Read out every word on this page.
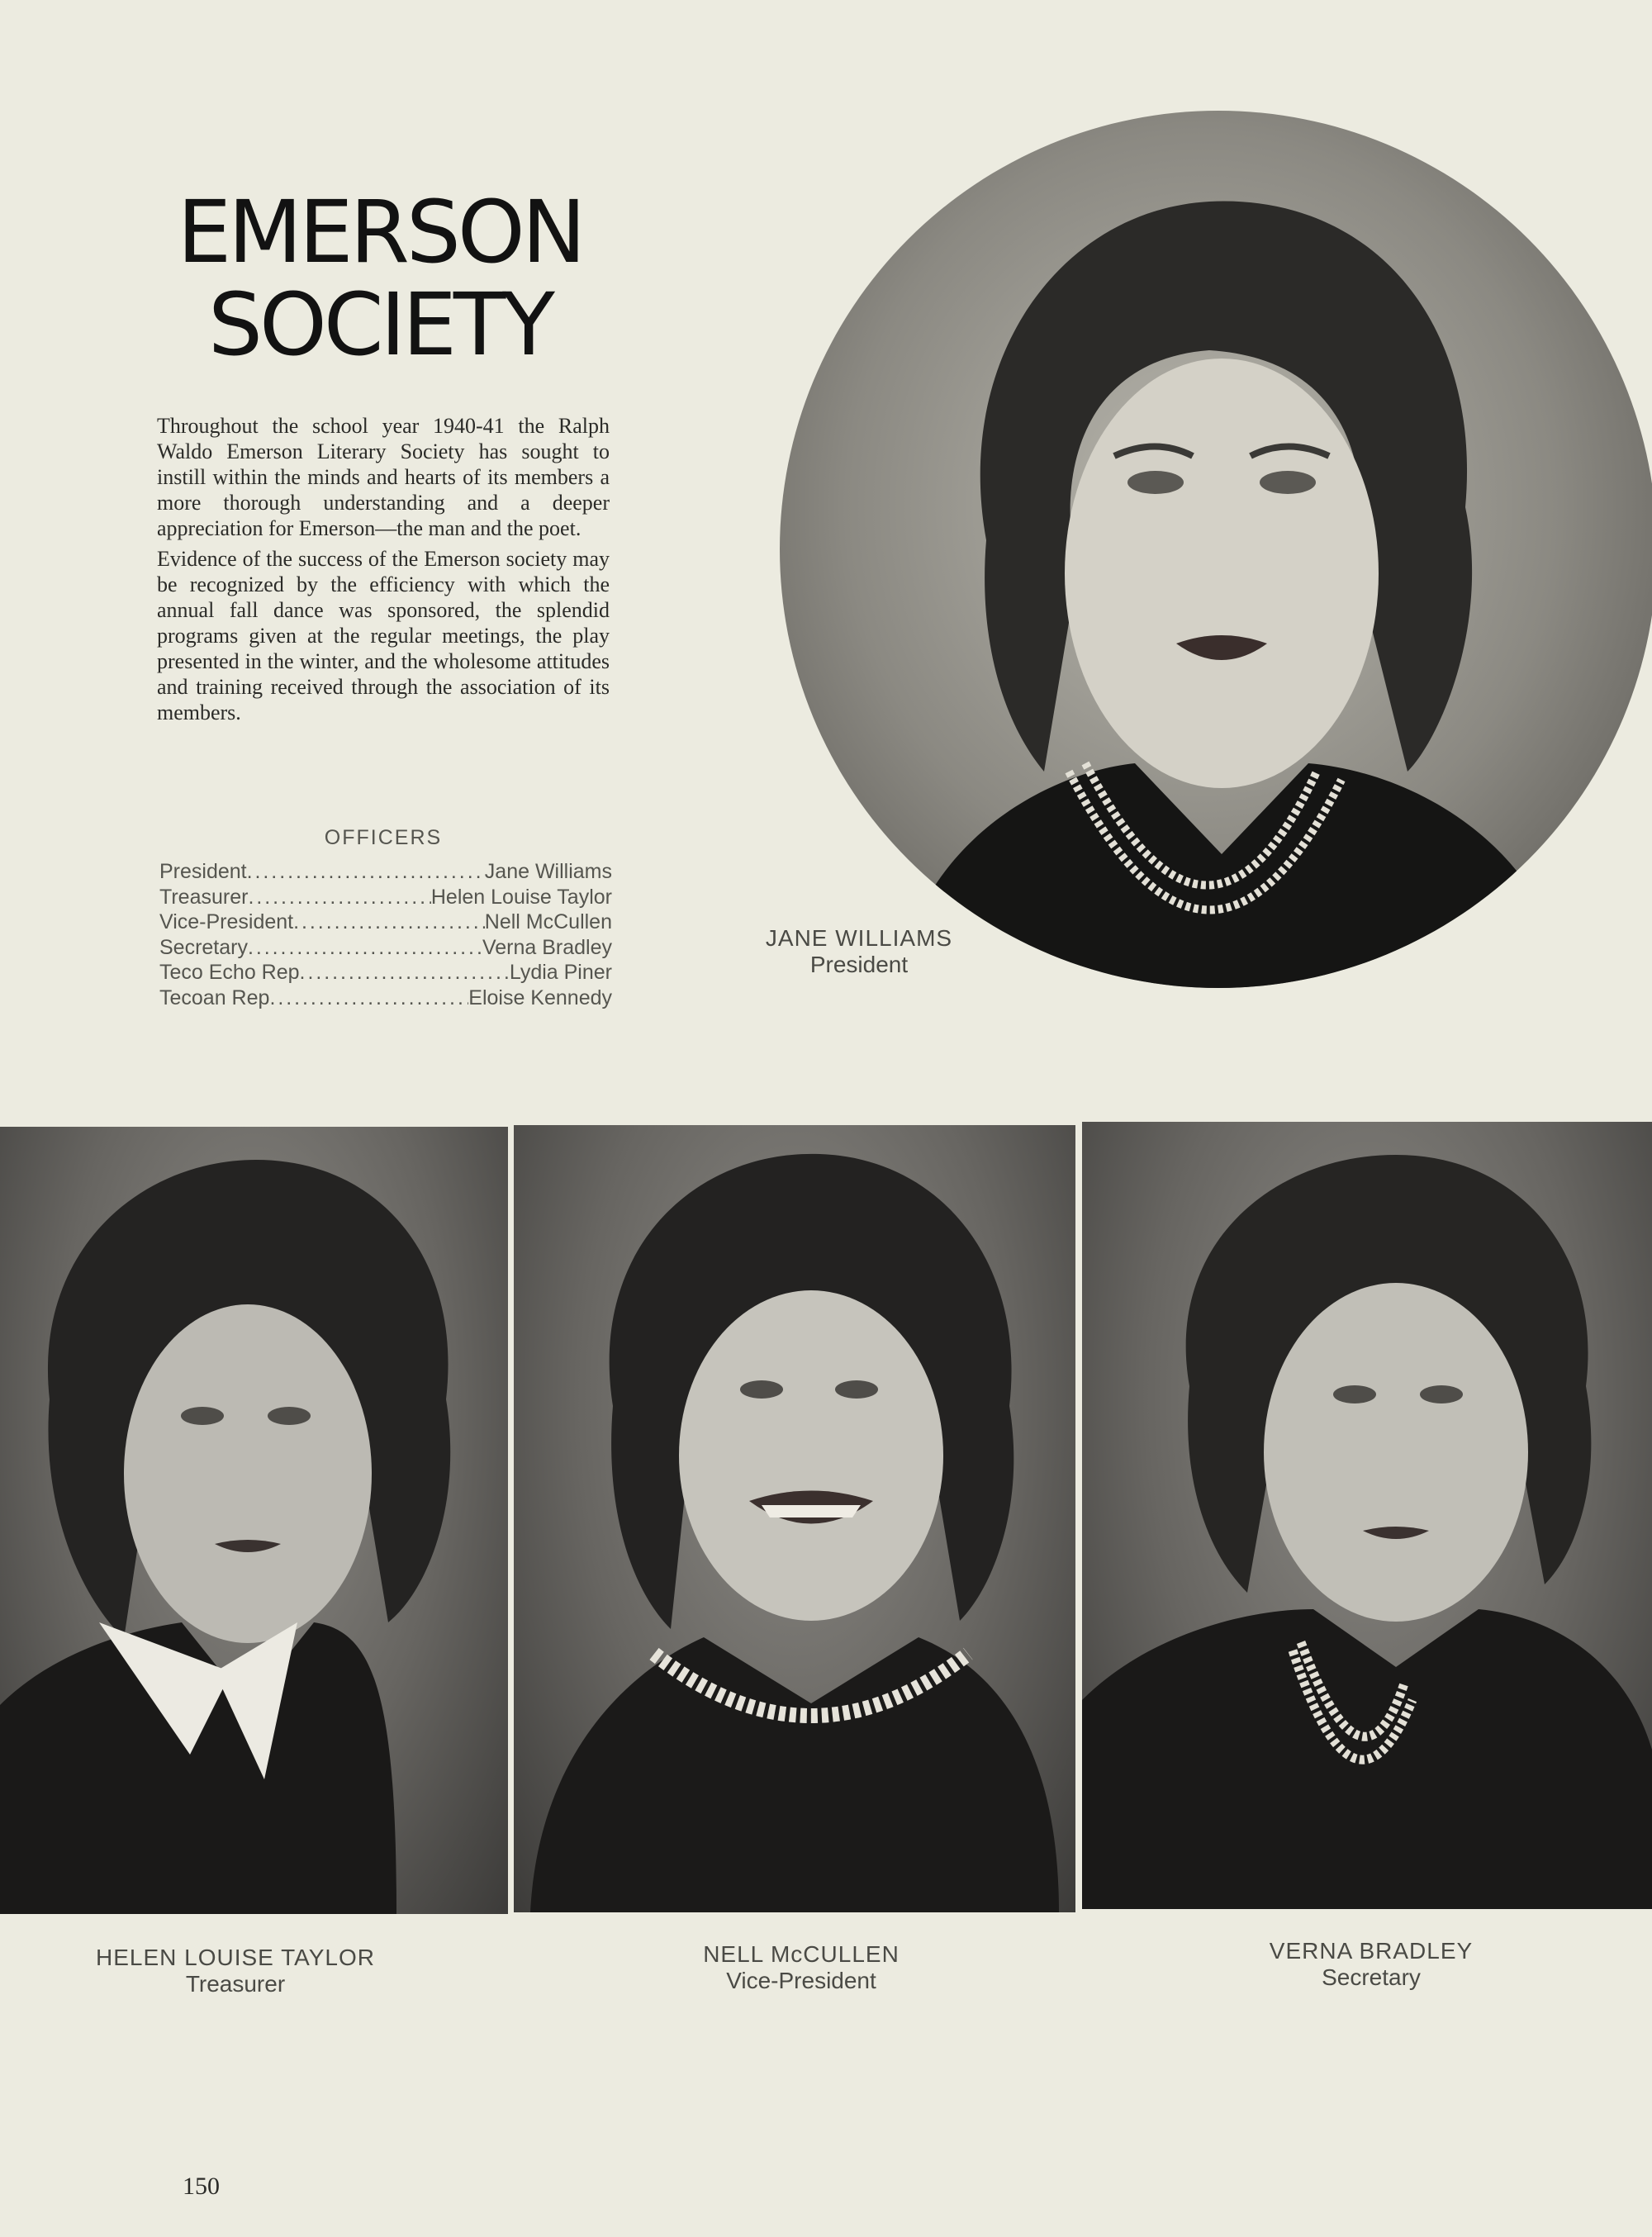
EMERSON
SOCIETY

Throughout the school year 1940-41 the Ralph Waldo Emerson Literary Society has sought to instill within the minds and hearts of its members a more thorough understanding and a deeper appreciation for Emerson—the man and the poet.

Evidence of the success of the Emerson society may be recognized by the efficiency with which the annual fall dance was sponsored, the splendid programs given at the regular meetings, the play presented in the winter, and the wholesome attitudes and training received through the association of its members.

OFFICERS
President . . .	Jane Williams
Treasurer . . .	Helen Louise Taylor
Vice-President . . .	Nell McCullen
Secretary . . .	Verna Bradley
Teco Echo Rep . . .	Lydia Piner
Tecoan Rep . . .	Eloise Kennedy
JANE WILLIAMS
President
HELEN LOUISE TAYLOR
Treasurer
NELL McCULLEN
Vice-President
VERNA BRADLEY
Secretary
150
